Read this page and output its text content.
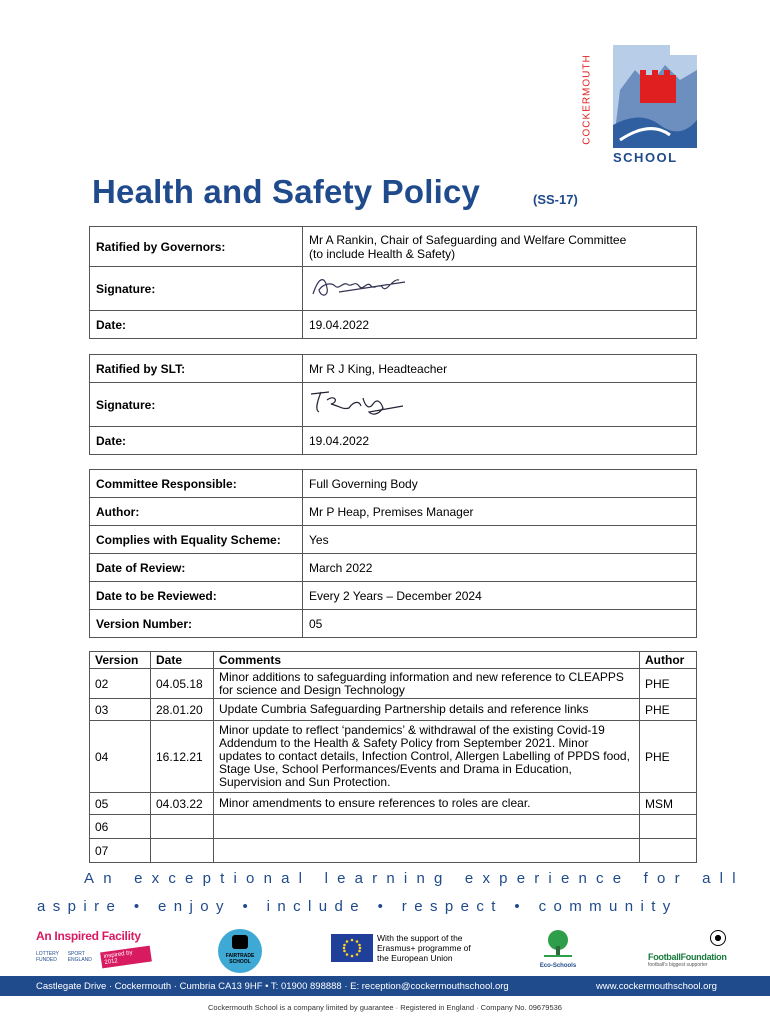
COCKERMOUTH
SCHOOL
Health and Safety Policy	(SS-17)
Ratified by Governors:	Mr A Rankin, Chair of Safeguarding and Welfare Committee
(to include Health & Safety)

Signature:	
Date:	19.04.2022
Ratified by SLT:	Mr R J King, Headteacher
Signature:	
Date:	19.04.2022
Committee Responsible:	Full Governing Body
Author:	Mr P Heap, Premises Manager
Complies with Equality Scheme:	Yes
Date of Review:	March 2022
Date to be Reviewed:	Every 2 Years – December 2024
Version Number:	05
Version	Date	Comments	Author
02	04.05.18	Minor additions to safeguarding information and new reference to CLEAPPS for science and Design Technology	PHE
03	28.01.20	Update Cumbria Safeguarding Partnership details and reference links	PHE
04	16.12.21	Minor update to reflect ‘pandemics’ & withdrawal of the existing Covid-19 Addendum to the Health & Safety Policy from September 2021. Minor updates to contact details, Infection Control, Allergen Labelling of PPDS food, Stage Use, School Performances/Events and Drama in Education, Supervision and Sun Protection.	PHE
05	04.03.22	Minor amendments to ensure references to roles are clear.	MSM
06			
07			
An exceptional learning experience for all
aspire • enjoy • include • respect • community
An Inspired Facility
LOTTERY FUNDED
SPORT ENGLAND	inspired by 2012
FAIRTRADE SCHOOL
With the support of the Erasmus+ programme of the European Union
Eco-Schools
FootballFoundation
football's biggest supporter
Castlegate Drive · Cockermouth · Cumbria CA13 9HF • T: 01900 898888 · E: reception@cockermouthschool.org	www.cockermouthschool.org
Cockermouth School is a company limited by guarantee · Registered in England · Company No. 09679536
